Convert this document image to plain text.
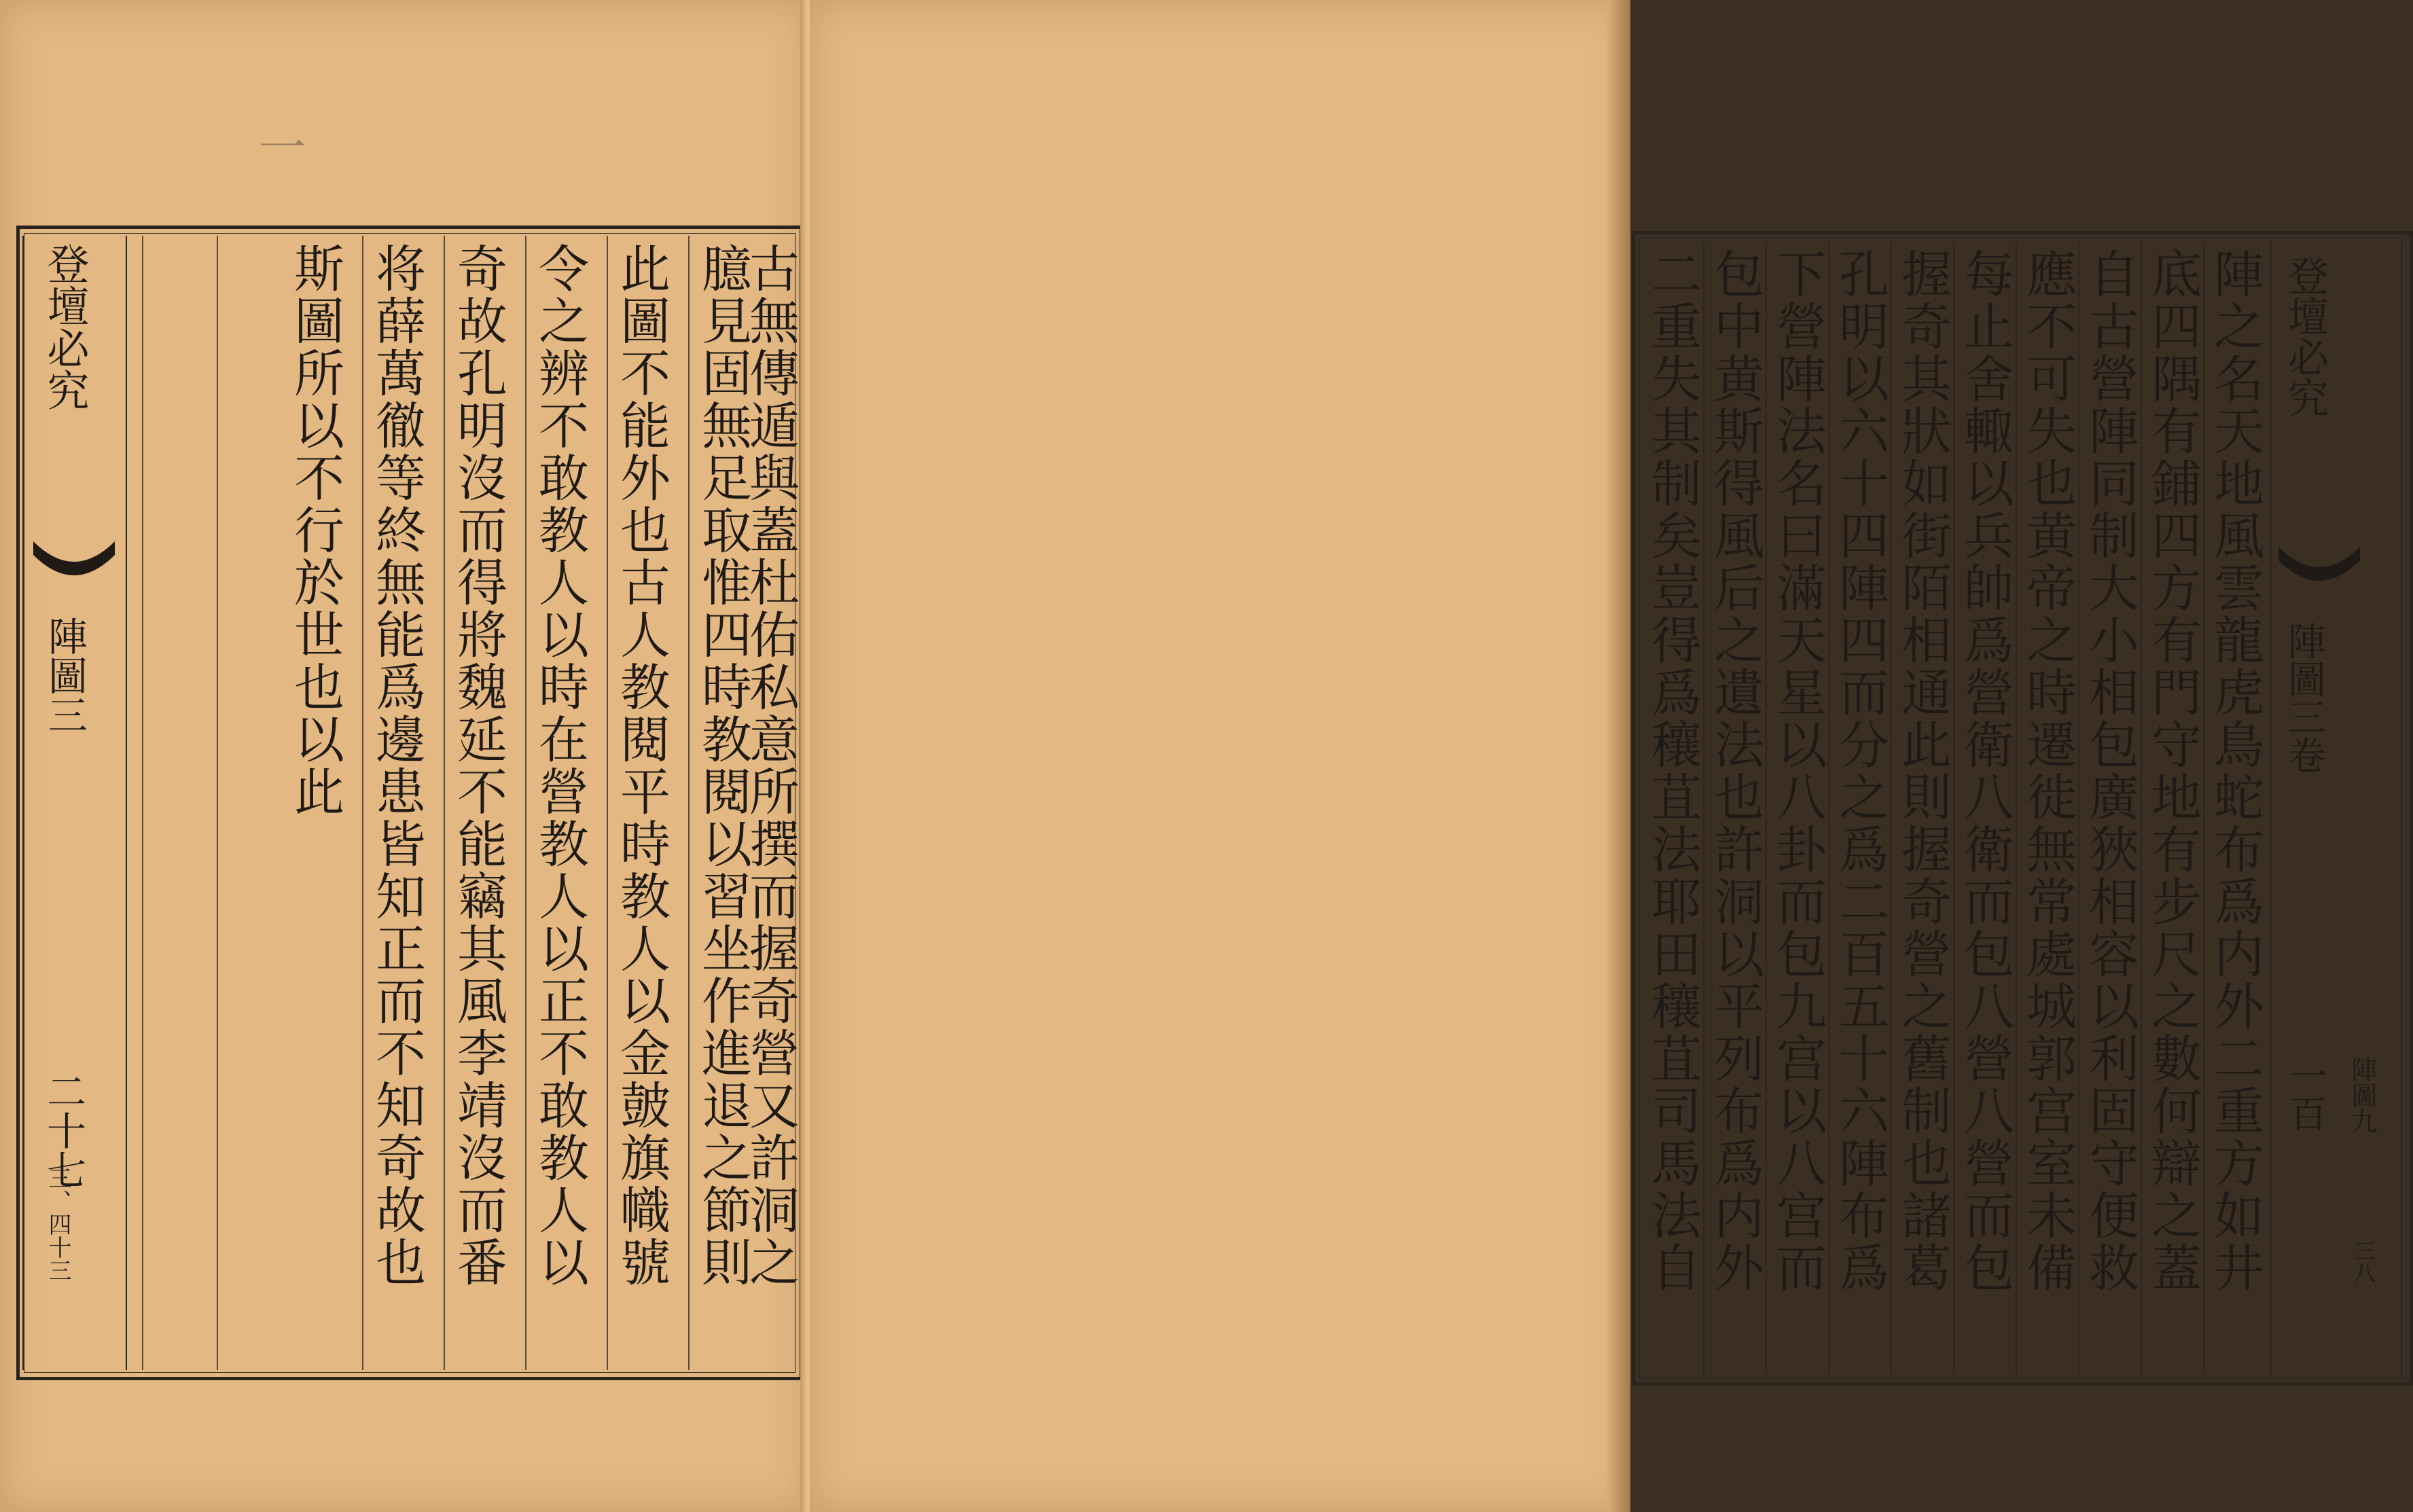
一
登壇必究
陣圖三
二十七
三、四十三
斯圖所以不行於世也以此 将薛萬徹等終無能爲邊患皆知正而不知奇故也 奇故孔明沒而得將魏延不能竊其風李靖沒而番 令之辨不敢教人以時在營教人以正不敢教人以 此圖不能外也古人教閱平時教人以金皷旗幟號 臆見固無足取惟四時教閱以習坐作進退之節則
古無傳遁與蓋杜佑私意所撰而握奇營又許洞之	二重失其制矣豈得爲穰苴法耶田穰苴司馬法自 包中黄斯得風后之遺法也許洞以平列布爲内外 下營陣法名曰滿天星以八卦而包九宫以八宫而 孔明以六十四陣四而分之爲二百五十六陣布爲 握奇其狀如街陌相通此則握奇營之舊制也諸葛 每止舍輙以兵帥爲營衛八衛而包八營八營而包 應不可失也黄帝之時遷徙無常處城郭宫室未備 自古營陣同制大小相包廣狹相容以利固守便救 底四隅有鋪四方有門守地有步尺之數何辯之蓋 陣之名天地風雲龍虎鳥蛇布爲内外二重方如井 登壇必究
陣圖三卷
一百 陣圖九
三八
